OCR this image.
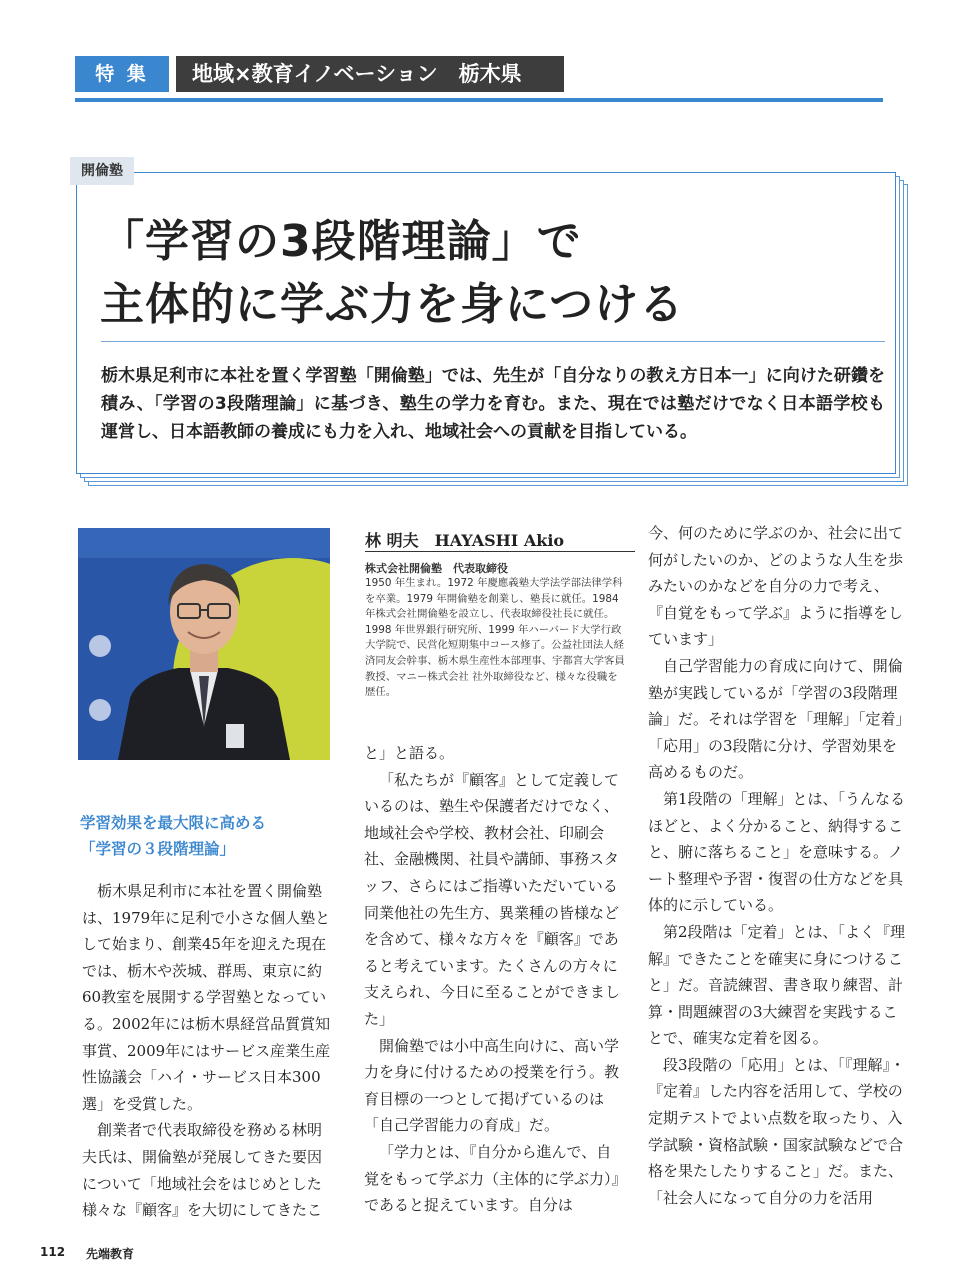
特 集	地域×教育イノベーション　栃木県
開倫塾
「学習の3段階理論」で
主体的に学ぶ力を身につける
栃木県足利市に本社を置く学習塾「開倫塾」では、先生が「自分なりの教え方日本一」に向けた研鑽を積み、「学習の3段階理論」に基づき、塾生の学力を育む。また、現在では塾だけでなく日本語学校も運営し、日本語教師の養成にも力を入れ、地域社会への貢献を目指している。
林 明夫　HAYASHI Akio
株式会社開倫塾　代表取締役
1950 年生まれ。1972 年慶應義塾大学法学部法律学科を卒業。1979 年開倫塾を創業し、塾長に就任。1984 年株式会社開倫塾を設立し、代表取締役社長に就任。1998 年世界銀行研究所、1999 年ハーバード大学行政大学院で、民営化短期集中コース修了。公益社団法人経済同友会幹事、栃木県生産性本部理事、宇都宮大学客員教授、マニー株式会社 社外取締役など、様々な役職を歴任。
学習効果を最大限に高める
「学習の３段階理論」

栃木県足利市に本社を置く開倫塾は、1979年に足利で小さな個人塾として始まり、創業45年を迎えた現在では、栃木や茨城、群馬、東京に約60教室を展開する学習塾となっている。2002年には栃木県経営品質賞知事賞、2009年にはサービス産業生産性協議会「ハイ・サービス日本300選」を受賞した。

創業者で代表取締役を務める林明夫氏は、開倫塾が発展してきた要因について「地域社会をはじめとした様々な『顧客』を大切にしてきたこ

と」と語る。

「私たちが『顧客』として定義しているのは、塾生や保護者だけでなく、地域社会や学校、教材会社、印刷会社、金融機関、社員や講師、事務スタッフ、さらにはご指導いただいている同業他社の先生方、異業種の皆様などを含めて、様々な方々を『顧客』であると考えています。たくさんの方々に支えられ、今日に至ることができました」

開倫塾では小中高生向けに、高い学力を身に付けるための授業を行う。教育目標の一つとして掲げているのは「自己学習能力の育成」だ。

「学力とは、『自分から進んで、自覚をもって学ぶ力（主体的に学ぶ力）』であると捉えています。自分は

今、何のために学ぶのか、社会に出て何がしたいのか、どのような人生を歩みたいのかなどを自分の力で考え、『自覚をもって学ぶ』ように指導をしています」

自己学習能力の育成に向けて、開倫塾が実践しているが「学習の3段階理論」だ。それは学習を「理解」「定着」「応用」の3段階に分け、学習効果を高めるものだ。

第1段階の「理解」とは、「うんなるほどと、よく分かること、納得すること、腑に落ちること」を意味する。ノート整理や予習・復習の仕方などを具体的に示している。

第2段階は「定着」とは、「よく『理解』できたことを確実に身につけること」だ。音読練習、書き取り練習、計算・問題練習の3大練習を実践することで、確実な定着を図る。

段3段階の「応用」とは、「『理解』・『定着』した内容を活用して、学校の定期テストでよい点数を取ったり、入学試験・資格試験・国家試験などで合格を果たしたりすること」だ。また、「社会人になって自分の力を活用

112 先端教育
